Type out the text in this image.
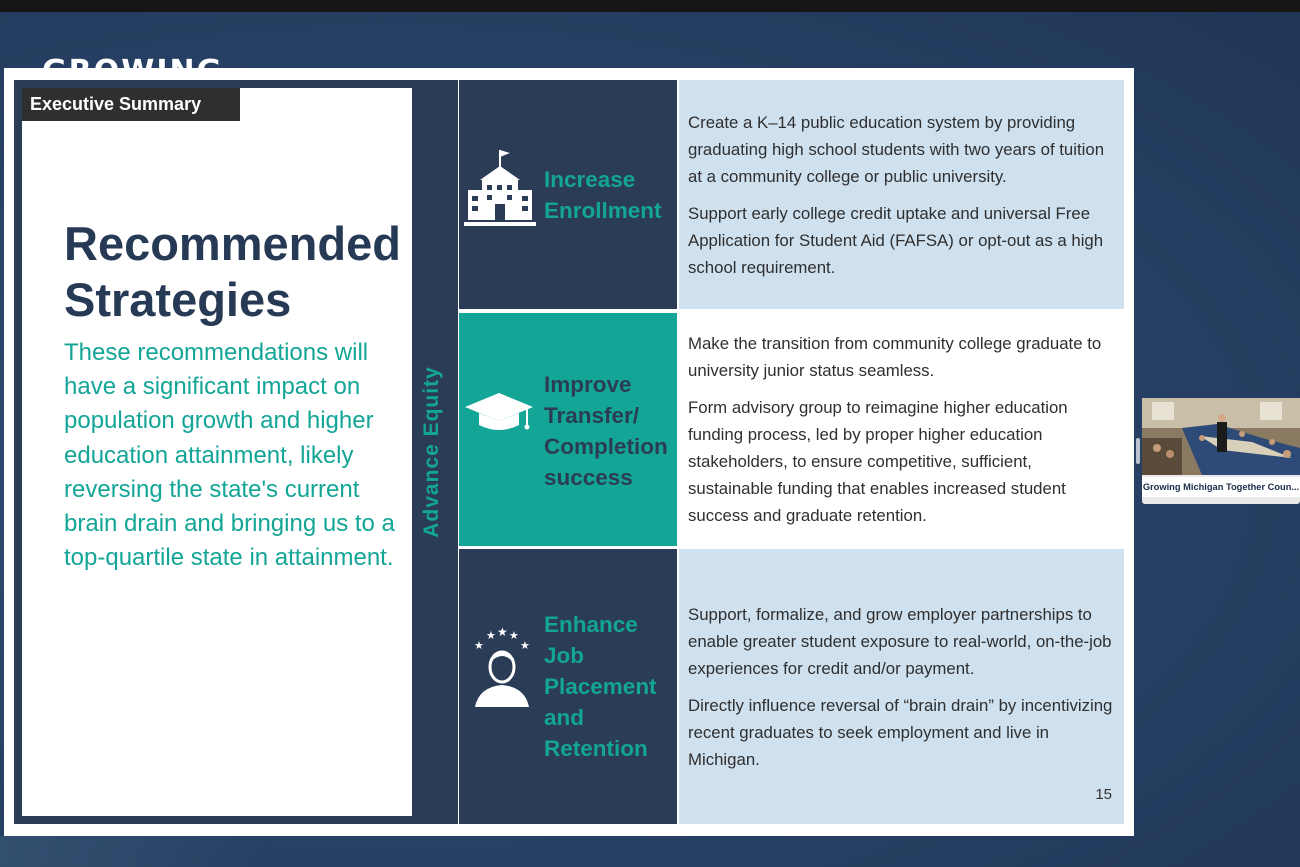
Executive Summary
Recommended Strategies
These recommendations will have a significant impact on population growth and higher education attainment, likely reversing the state's current brain drain and bringing us to a top-quartile state in attainment.
Advance Equity
Increase Enrollment

Create a K–14 public education system by providing graduating high school students with two years of tuition at a community college or public university.

Support early college credit uptake and universal Free Application for Student Aid (FAFSA) or opt-out as a high school requirement.

Improve Transfer/ Completion success

Make the transition from community college graduate to university junior status seamless.

Form advisory group to reimagine higher education funding process, led by proper higher education stakeholders, to ensure competitive, sufficient, sustainable funding that enables increased student success and graduate retention.

★
★ ★ ★
★
Enhance Job Placement and Retention

Support, formalize, and grow employer partnerships to enable greater student exposure to real-world, on-the-job experiences for credit and/or payment.

Directly influence reversal of “brain drain” by incentivizing recent graduates to seek employment and live in Michigan.

15
Growing Michigan Together Coun...
